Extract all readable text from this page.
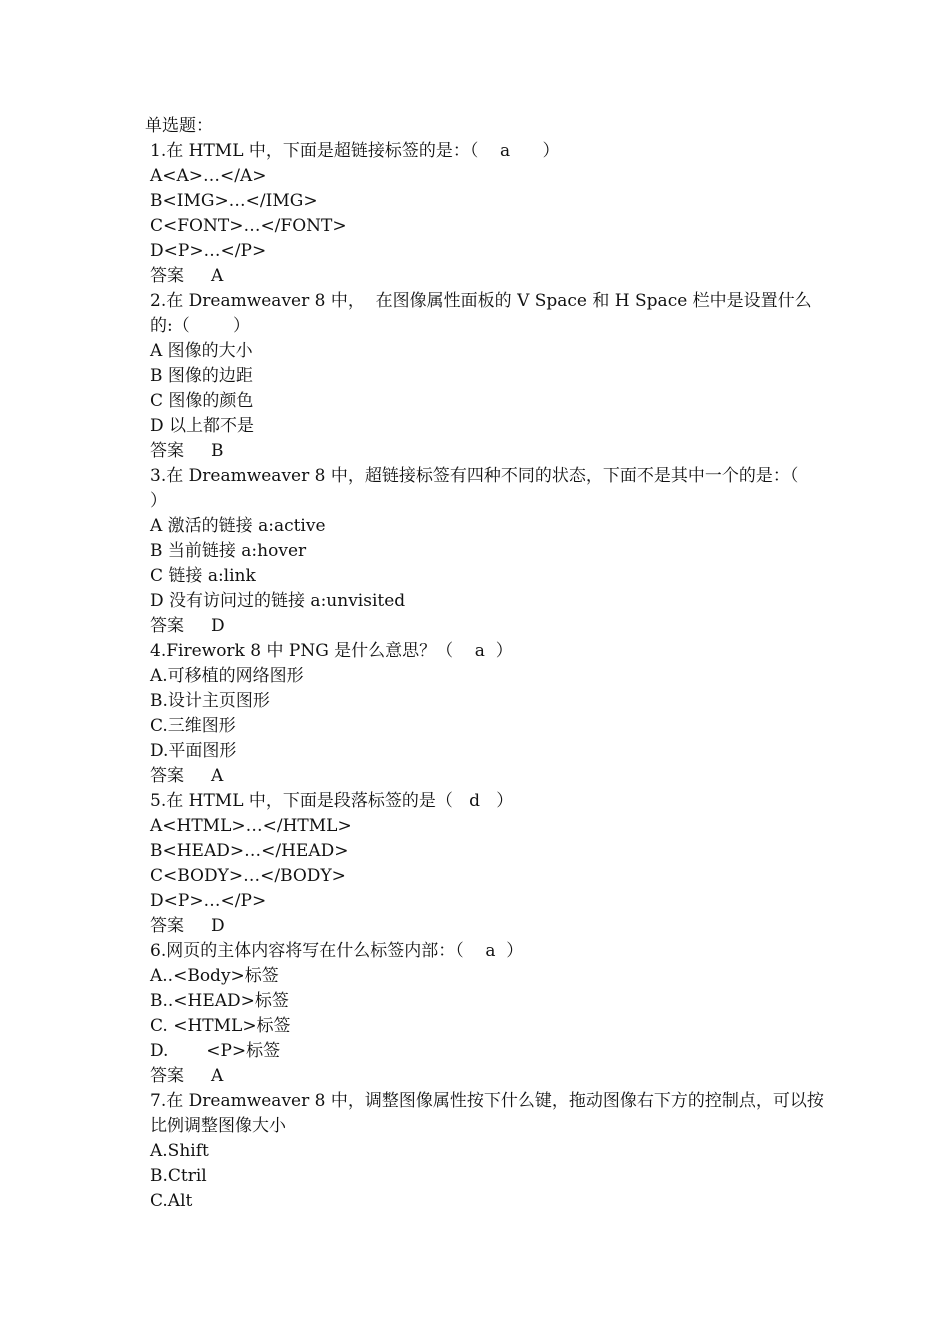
单选题：
1.在 HTML 中，下面是超链接标签的是：（    a      ）
A<A>…</A>
B<IMG>…</IMG>
C<FONT>…</FONT>
D<P>…</P>
答案     A
2.在 Dreamweaver 8 中，  在图像属性面板的 V Space 和 H Space 栏中是设置什么的:（        ）
A 图像的大小
B 图像的边距
C 图像的颜色
D 以上都不是
答案     B
3.在 Dreamweaver 8 中，超链接标签有四种不同的状态，下面不是其中一个的是：（      ）
A 激活的链接 a:active
B 当前链接 a:hover
C 链接 a:link
D 没有访问过的链接 a:unvisited
答案     D
4.Firework 8 中 PNG 是什么意思？（    a  ）
A.可移植的网络图形
B.设计主页图形
C.三维图形
D.平面图形
答案     A
5.在 HTML 中，下面是段落标签的是（   d   ）
A<HTML>…</HTML>
B<HEAD>…</HEAD>
C<BODY>…</BODY>
D<P>…</P>
答案     D
6.网页的主体内容将写在什么标签内部：（    a  ）
A..<Body>标签
B..<HEAD>标签
C. <HTML>标签
D.       <P>标签
答案     A
7.在 Dreamweaver 8 中，调整图像属性按下什么键，拖动图像右下方的控制点，可以按比例调整图像大小
A.Shift
B.Ctril
C.Alt
